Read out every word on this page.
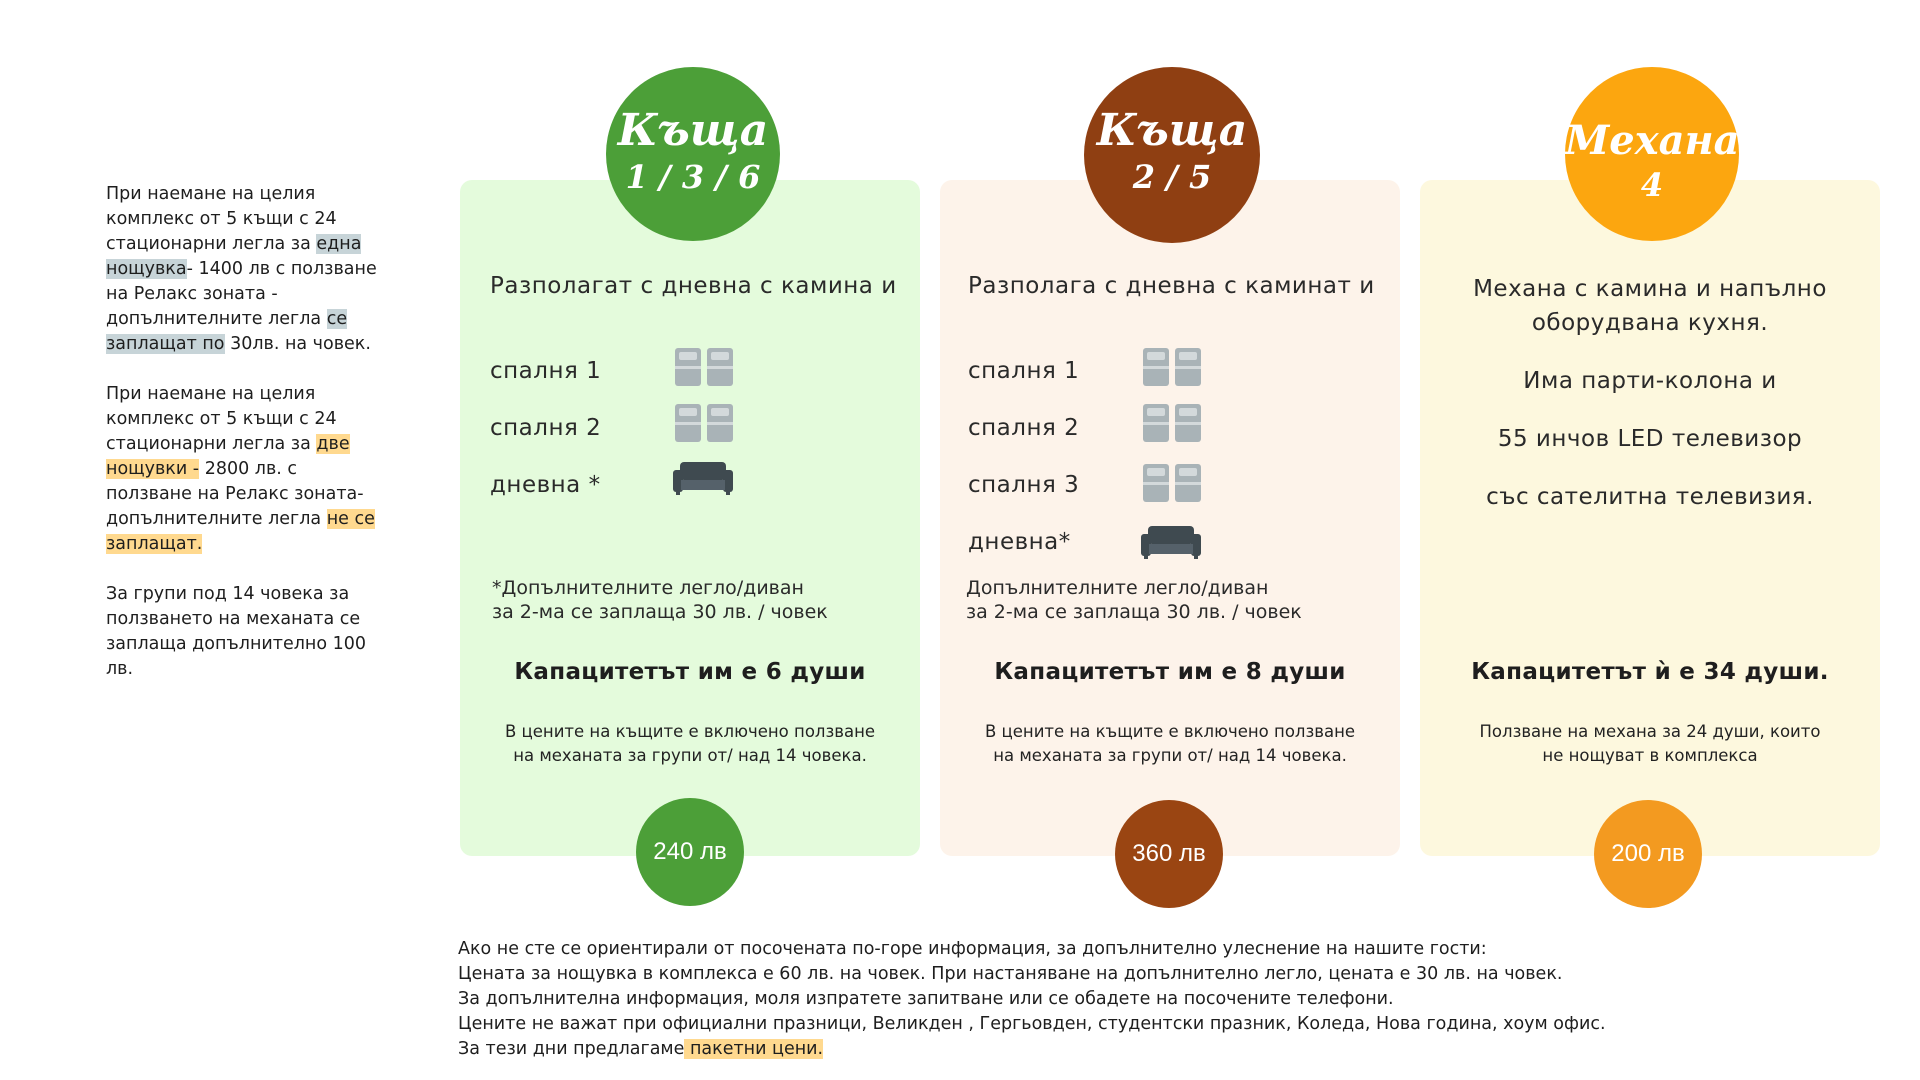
При наемане на целия комплекс от 5 къщи с 24 стационарни легла за една нощувка- 1400 лв с ползване на Релакс зоната - допълнителните легла се заплащат по 30лв. на човек.

При наемане на целия комплекс от 5 къщи с 24 стационарни легла за две нощувки - 2800 лв. с ползване на Релакс зоната- допълнителните легла не се заплащат.

За групи под 14 човека за ползването на механата се заплаща допълнително 100 лв.

Къща
1 / 3 / 6
Къща
2 / 5
Механа
4
Разполагат с дневна с камина и
спалня 1
спалня 2
дневна *
*Допълнителните легло/диван
за 2-ма се заплаща 30 лв. / човек
Капацитетът им е 6 души
В цените на къщите е включено ползване
на механата за групи от/ над 14 човека.
Разполага с дневна с каминат и
спалня 1
спалня 2
спалня 3
дневна*
Допълнителните легло/диван
за 2-ма се заплаща 30 лв. / човек
Капацитетът им е 8 души
В цените на къщите е включено ползване
на механата за групи от/ над 14 човека.
Механа с камина и напълно
оборудвана кухня.
Има парти-колона и
55 инчов LED телевизор
със сателитна телевизия.
Капацитетът ѝ е 34 души.
Ползване на механа за 24 души, които
не нощуват в комплекса
240 лв	360 лв	200 лв
Ако не сте се ориентирали от посочената по-горе информация, за допълнително улеснение на нашите гости:
Цената за нощувка в комплекса е 60 лв. на човек. При настаняване на допълнително легло, цената е 30 лв. на човек.
За допълнителна информация, моля изпратете запитване или се обадете на посочените телефони.
Цените не важат при официални празници, Великден , Гергьовден, студентски празник, Коледа, Нова година, хоум офис.
За тези дни предлагаме пакетни цени.
